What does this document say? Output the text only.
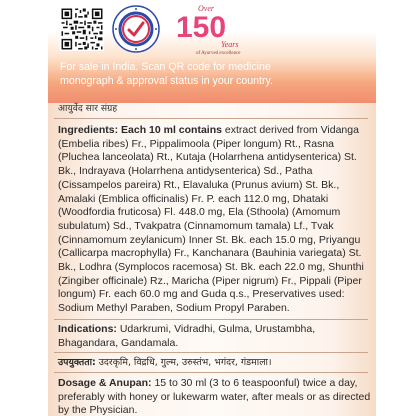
Over
150
Years
of Ayurved excellence
For sale in India. Scan QR code for medicine
monograph & approval status in your country.
आयुर्वेद सार संग्रह
Ingredients: Each 10 ml contains extract derived from Vidanga
(Embelia ribes) Fr., Pippalimoola (Piper longum) Rt., Rasna
(Pluchea lanceolata) Rt., Kutaja (Holarrhena antidysenterica) St.
Bk., Indrayava (Holarrhena antidysenterica) Sd., Patha
(Cissampelos pareira) Rt., Elavaluka (Prunus avium) St. Bk.,
Amalaki (Emblica officinalis) Fr. P. each 112.0 mg, Dhataki
(Woodfordia fruticosa) Fl. 448.0 mg, Ela (Sthoola) (Amomum
subulatum) Sd., Tvakpatra (Cinnamomum tamala) Lf., Tvak
(Cinnamomum zeylanicum) Inner St. Bk. each 15.0 mg, Priyangu
(Callicarpa macrophylla) Fr., Kanchanara (Bauhinia variegata) St.
Bk., Lodhra (Symplocos racemosa) St. Bk. each 22.0 mg, Shunthi
(Zingiber officinale) Rz., Maricha (Piper nigrum) Fr., Pippali (Piper
longum) Fr. each 60.0 mg and Guda q.s., Preservatives used:
Sodium Methyl Paraben, Sodium Propyl Paraben.
Indications: Udarkrumi, Vidradhi, Gulma, Urustambha,
Bhagandara, Gandamala.
उपयुक्तता: उदरकृमि, विद्रधि, गुल्म, उरुस्तंभ, भगंदर, गंडमाला।
Dosage & Anupan: 15 to 30 ml (3 to 6 teaspoonful) twice a day,
preferably with honey or lukewarm water, after meals or as directed
by the Physician.
